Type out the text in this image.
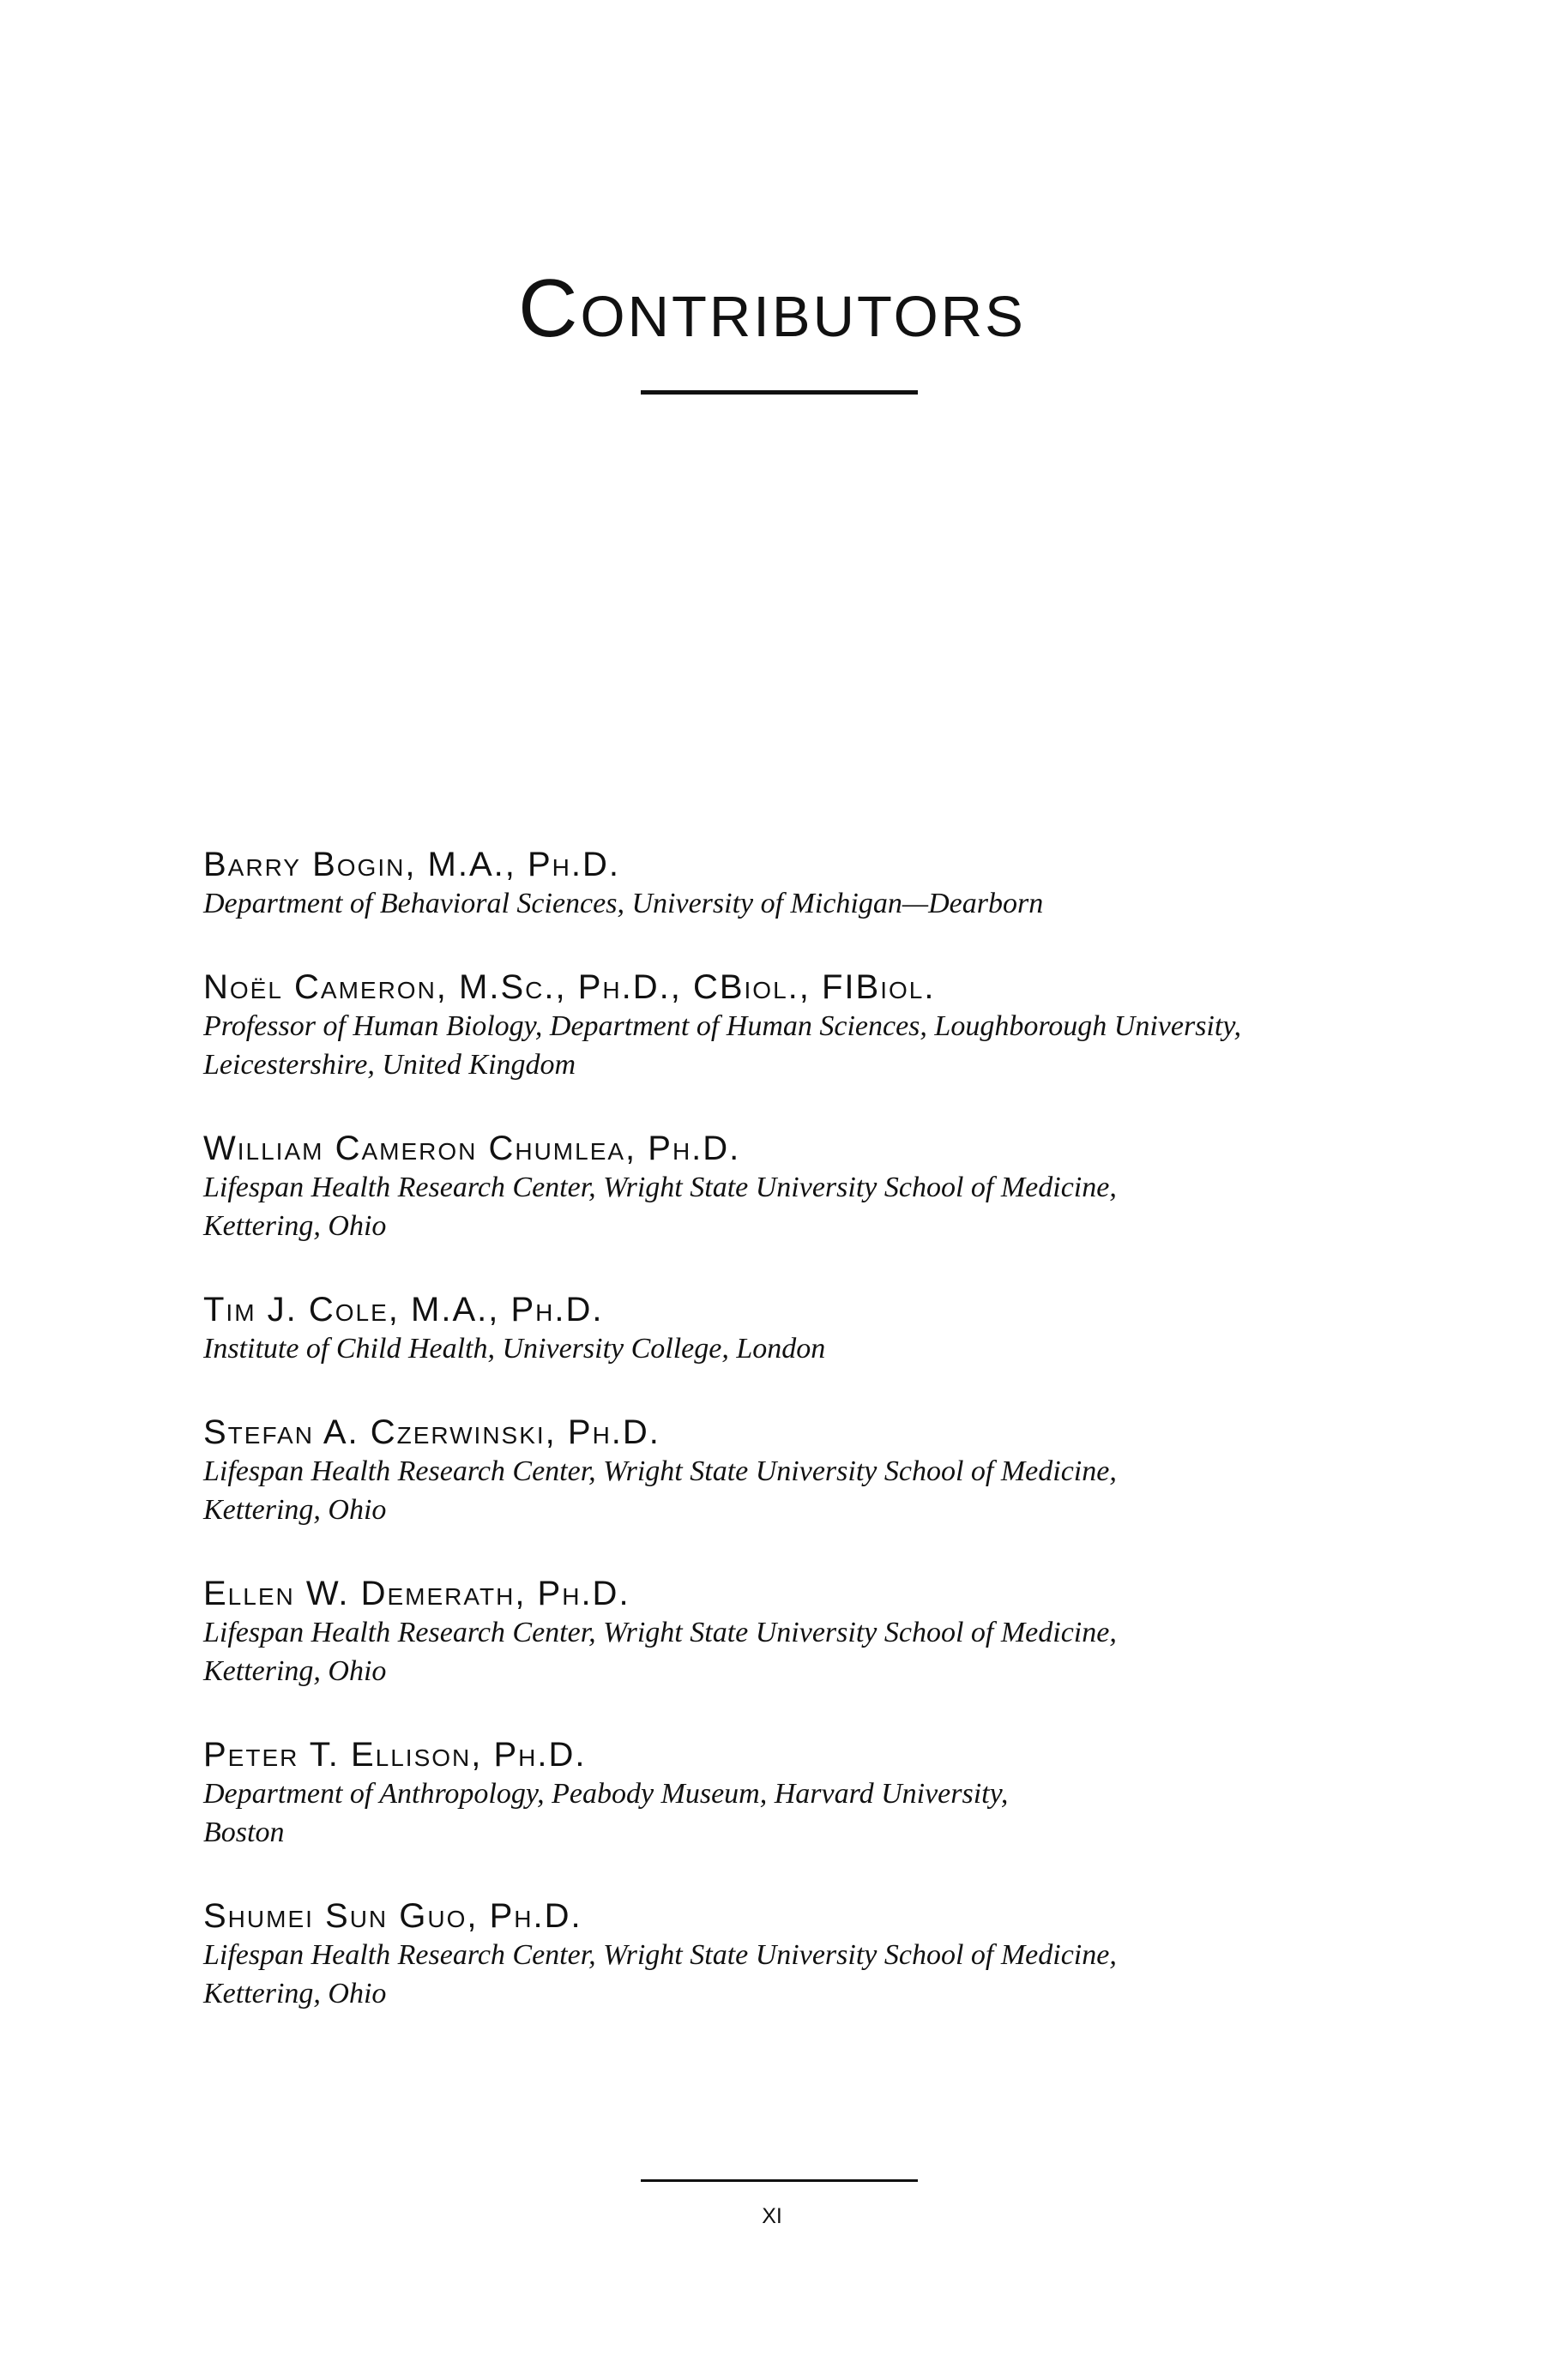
Contributors
Barry Bogin, M.A., Ph.D.
Department of Behavioral Sciences, University of Michigan—Dearborn
Noël Cameron, M.Sc., Ph.D., CBiol., FIBiol.
Professor of Human Biology, Department of Human Sciences, Loughborough University,
Leicestershire, United Kingdom
William Cameron Chumlea, Ph.D.
Lifespan Health Research Center, Wright State University School of Medicine,
Kettering, Ohio
Tim J. Cole, M.A., Ph.D.
Institute of Child Health, University College, London
Stefan A. Czerwinski, Ph.D.
Lifespan Health Research Center, Wright State University School of Medicine,
Kettering, Ohio
Ellen W. Demerath, Ph.D.
Lifespan Health Research Center, Wright State University School of Medicine,
Kettering, Ohio
Peter T. Ellison, Ph.D.
Department of Anthropology, Peabody Museum, Harvard University,
Boston
Shumei Sun Guo, Ph.D.
Lifespan Health Research Center, Wright State University School of Medicine,
Kettering, Ohio
xi
